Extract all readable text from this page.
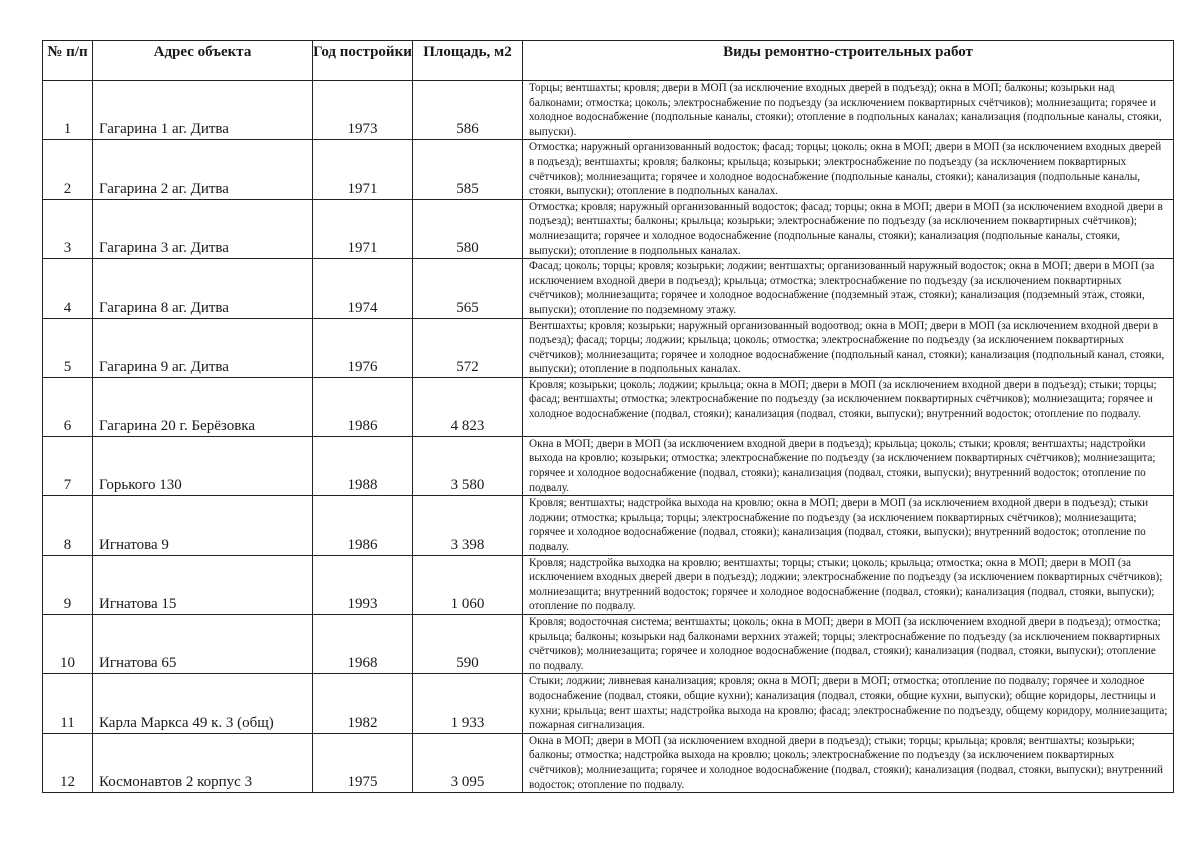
№ п/п	Адрес объекта	Год постройки	Площадь, м2	Виды ремонтно-строительных работ
1	Гагарина 1 аг. Дитва	1973	586	Торцы; вентшахты; кровля; двери в МОП (за исключение входных дверей в подъезд); окна в МОП; балконы; козырьки над балконами; отмостка; цоколь; электроснабжение по подъезду (за исключением поквартирных счётчиков); молниезащита; горячее и холодное водоснабжение (подпольные каналы, стояки); отопление в подпольных каналах; канализация (подпольные каналы, стояки, выпуски).
2	Гагарина 2 аг. Дитва	1971	585	Отмостка; наружный организованный водосток; фасад; торцы; цоколь; окна в МОП; двери в МОП (за исключением входных дверей в подъезд); вентшахты; кровля; балконы; крыльца; козырьки; электроснабжение по подъезду (за исключением поквартирных счётчиков); молниезащита; горячее и холодное водоснабжение (подпольные каналы, стояки); канализация (подпольные каналы, стояки, выпуски); отопление в подпольных каналах.
3	Гагарина 3 аг. Дитва	1971	580	Отмостка; кровля; наружный организованный водосток; фасад; торцы; окна в МОП; двери в МОП (за исключением входной двери в подъезд); вентшахты; балконы; крыльца; козырьки; электроснабжение по подъезду (за исключением поквартирных счётчиков); молниезащита; горячее и холодное водоснабжение (подпольные каналы, стояки); канализация (подпольные каналы, стояки, выпуски); отопление в подпольных каналах.
4	Гагарина 8 аг. Дитва	1974	565	Фасад; цоколь; торцы; кровля; козырьки; лоджии; вентшахты; организованный наружный водосток; окна в МОП; двери в МОП (за исключением входной двери в подъезд); крыльца; отмостка; электроснабжение по подъезду (за исключением поквартирных счётчиков); молниезащита; горячее и холодное водоснабжение (подземный этаж, стояки); канализация (подземный этаж, стояки, выпуски); отопление по подземному этажу.
5	Гагарина 9 аг. Дитва	1976	572	Вентшахты; кровля; козырьки; наружный организованный водоотвод; окна в МОП; двери в МОП (за исключением входной двери в подъезд); фасад; торцы; лоджии; крыльца; цоколь; отмостка; электроснабжение по подъезду (за исключением поквартирных счётчиков); молниезащита; горячее и холодное водоснабжение (подпольный канал, стояки); канализация (подпольный канал, стояки, выпуски); отопление в подпольных каналах.
6	Гагарина 20 г. Берёзовка	1986	4 823	Кровля; козырьки; цоколь; лоджии; крыльца; окна в МОП; двери в МОП (за исключением входной двери в подъезд); стыки; торцы; фасад; вентшахты; отмостка; электроснабжение по подъезду (за исключением поквартирных счётчиков); молниезащита; горячее и холодное водоснабжение (подвал, стояки); канализация (подвал, стояки, выпуски); внутренний водосток; отопление по подвалу.
7	Горького 130	1988	3 580	Окна в МОП; двери в МОП (за исключением входной двери в подъезд); крыльца; цоколь; стыки; кровля; вентшахты; надстройки выхода на кровлю; козырьки; отмостка; электроснабжение по подъезду (за исключением поквартирных счётчиков); молниезащита; горячее и холодное водоснабжение (подвал, стояки); канализация (подвал, стояки, выпуски); внутренний водосток; отопление по подвалу.
8	Игнатова 9	1986	3 398	Кровля; вентшахты; надстройка выхода на кровлю; окна в МОП; двери в МОП (за исключением входной двери в подъезд); стыки лоджии; отмостка; крыльца; торцы; электроснабжение по подъезду (за исключением поквартирных счётчиков); молниезащита; горячее и холодное водоснабжение (подвал, стояки); канализация (подвал, стояки, выпуски); внутренний водосток; отопление по подвалу.
9	Игнатова 15	1993	1 060	Кровля; надстройка выходка на кровлю; вентшахты; торцы; стыки; цоколь; крыльца; отмостка; окна в МОП; двери в МОП (за исключением входных дверей двери в подъезд); лоджии; электроснабжение по подъезду (за исключением поквартирных счётчиков); молниезащита; внутренний водосток; горячее и холодное водоснабжение (подвал, стояки); канализация (подвал, стояки, выпуски); отопление по подвалу.
10	Игнатова 65	1968	590	Кровля; водосточная система; вентшахты; цоколь; окна в МОП; двери в МОП (за исключением входной двери в подъезд); отмостка; крыльца; балконы; козырьки над балконами верхних этажей; торцы; электроснабжение по подъезду (за исключением поквартирных счётчиков); молниезащита; горячее и холодное водоснабжение (подвал, стояки); канализация (подвал, стояки, выпуски); отопление по подвалу.
11	Карла Маркса 49 к. 3 (общ)	1982	1 933	Стыки; лоджии; ливневая канализация; кровля; окна в МОП; двери в МОП; отмостка; отопление по подвалу; горячее и холодное водоснабжение (подвал, стояки, общие кухни); канализация (подвал, стояки, общие кухни, выпуски); общие коридоры, лестницы и кухни; крыльца; вент шахты; надстройка выхода на кровлю; фасад; электроснабжение по подъезду, общему коридору, молниезащита; пожарная сигнализация.
12	Космонавтов 2 корпус 3	1975	3 095	Окна в МОП; двери в МОП (за исключением входной двери в подъезд); стыки; торцы; крыльца; кровля; вентшахты; козырьки; балконы; отмостка; надстройка выхода на кровлю; цоколь; электроснабжение по подъезду (за исключением поквартирных счётчиков); молниезащита; горячее и холодное водоснабжение (подвал, стояки); канализация (подвал, стояки, выпуски); внутренний водосток; отопление по подвалу.
